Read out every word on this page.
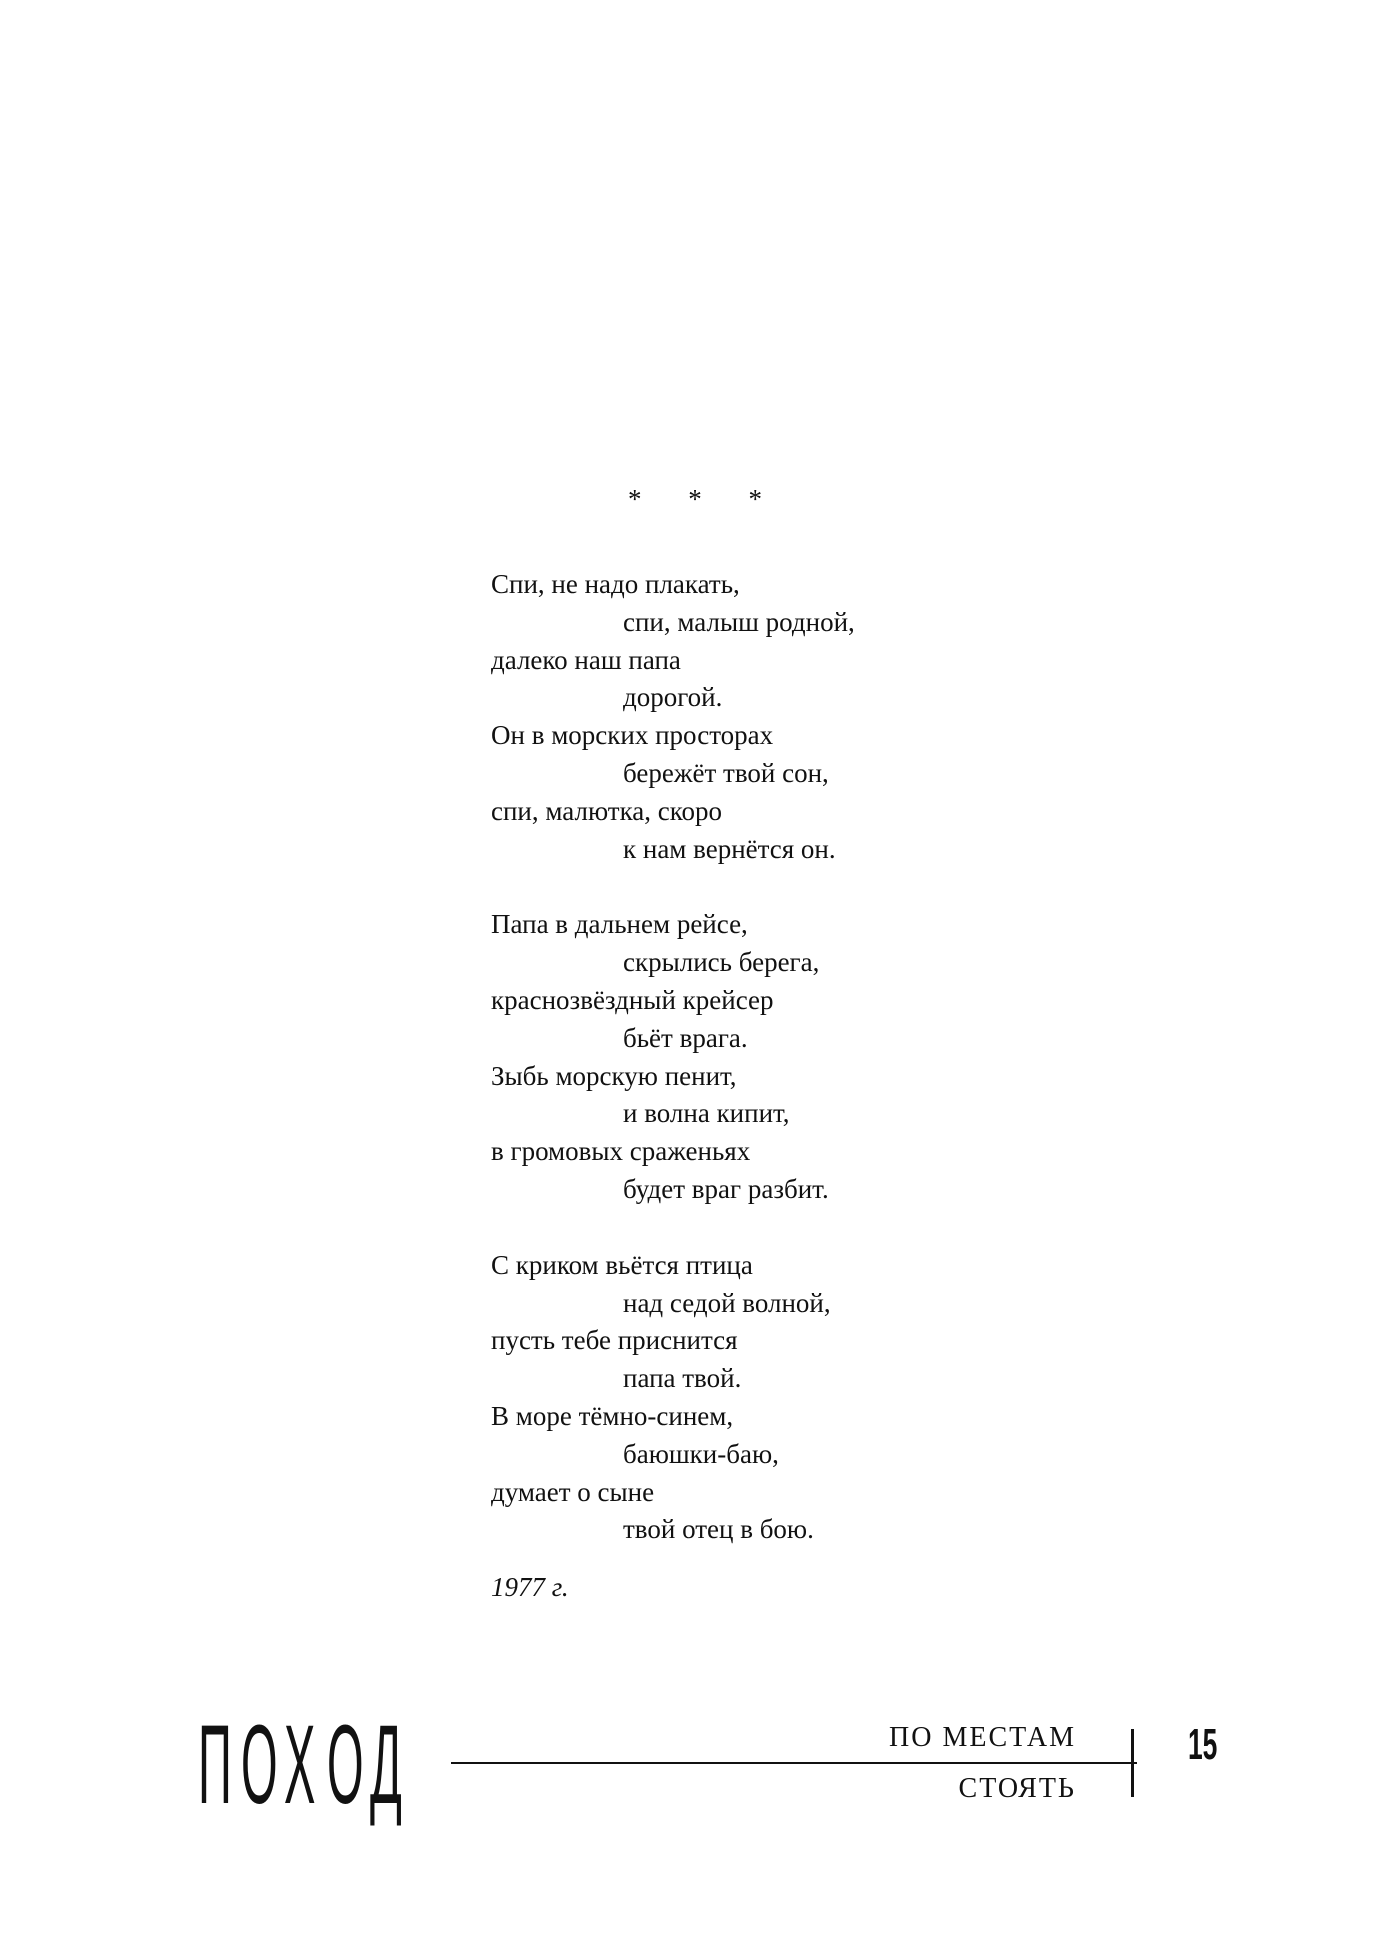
* * *
Спи, не надо плакать,
спи, малыш родной,
далеко наш папа
дорогой.
Он в морских просторах
бережёт твой сон,
спи, малютка, скоро
к нам вернётся он.
Папа в дальнем рейсе,
скрылись берега,
краснозвёздный крейсер
бьёт врага.
Зыбь морскую пенит,
и волна кипит,
в громовых сраженьях
будет враг разбит.
С криком вьётся птица
над седой волной,
пусть тебе приснится
папа твой.
В море тёмно-синем,
баюшки-баю,
думает о сыне
твой отец в бою.
1977 г.
П О Х О Д	ПО МЕСТАМ
СТОЯТЬ
15
